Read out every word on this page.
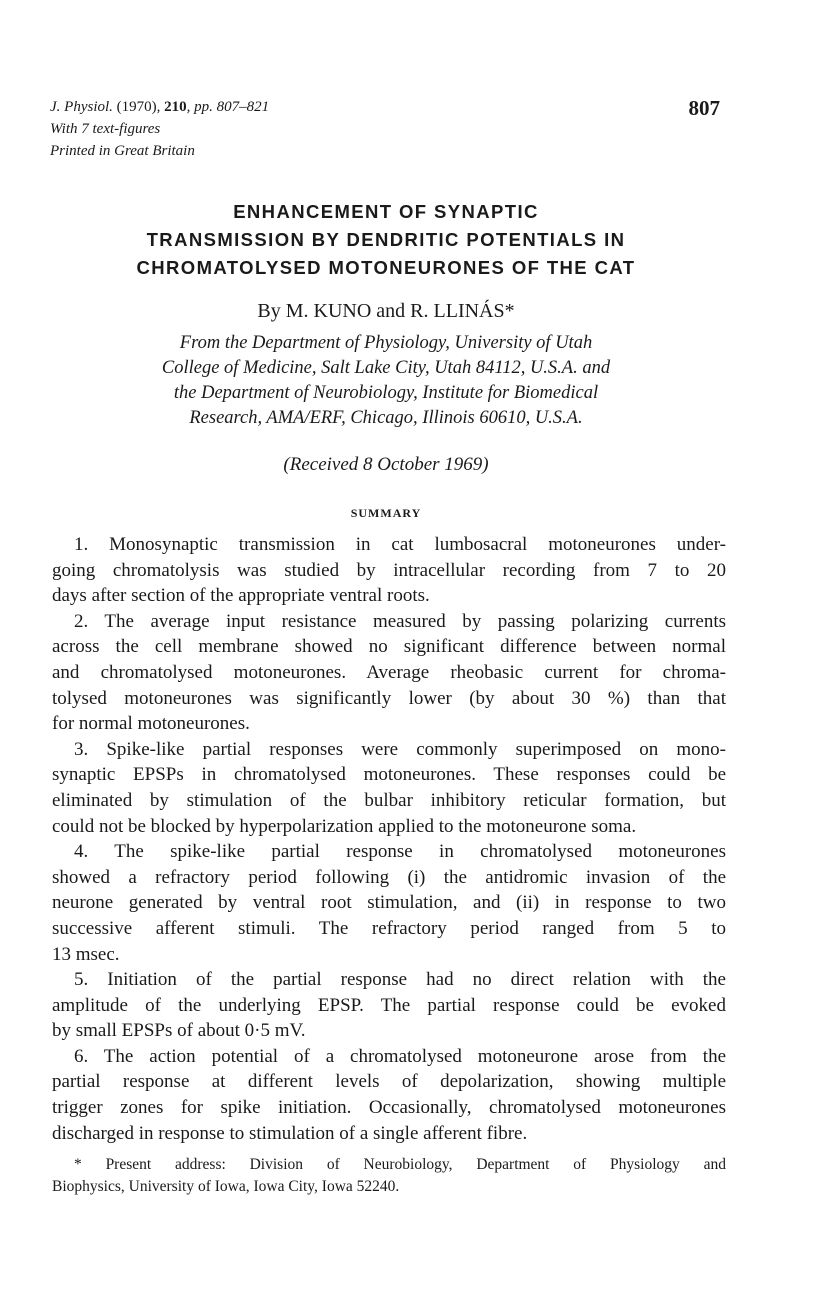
J. Physiol. (1970), 210, pp. 807–821
With 7 text-figures
Printed in Great Britain
807
ENHANCEMENT OF SYNAPTIC
TRANSMISSION BY DENDRITIC POTENTIALS IN
CHROMATOLYSED MOTONEURONES OF THE CAT
By M. KUNO and R. LLINÁS*
From the Department of Physiology, University of Utah
College of Medicine, Salt Lake City, Utah 84112, U.S.A. and
the Department of Neurobiology, Institute for Biomedical
Research, AMA/ERF, Chicago, Illinois 60610, U.S.A.
(Received 8 October 1969)
SUMMARY

1. Monosynaptic transmission in cat lumbosacral motoneurones under-
going chromatolysis was studied by intracellular recording from 7 to 20
days after section of the appropriate ventral roots.

2. The average input resistance measured by passing polarizing currents
across the cell membrane showed no significant difference between normal
and chromatolysed motoneurones. Average rheobasic current for chroma-
tolysed motoneurones was significantly lower (by about 30 %) than that
for normal motoneurones.

3. Spike-like partial responses were commonly superimposed on mono-
synaptic EPSPs in chromatolysed motoneurones. These responses could be
eliminated by stimulation of the bulbar inhibitory reticular formation, but
could not be blocked by hyperpolarization applied to the motoneurone soma.

4. The spike-like partial response in chromatolysed motoneurones
showed a refractory period following (i) the antidromic invasion of the
neurone generated by ventral root stimulation, and (ii) in response to two
successive afferent stimuli. The refractory period ranged from 5 to
13 msec.

5. Initiation of the partial response had no direct relation with the
amplitude of the underlying EPSP. The partial response could be evoked
by small EPSPs of about 0·5 mV.

6. The action potential of a chromatolysed motoneurone arose from the
partial response at different levels of depolarization, showing multiple
trigger zones for spike initiation. Occasionally, chromatolysed motoneurones
discharged in response to stimulation of a single afferent fibre.

* Present address: Division of Neurobiology, Department of Physiology and
Biophysics, University of Iowa, Iowa City, Iowa 52240.
